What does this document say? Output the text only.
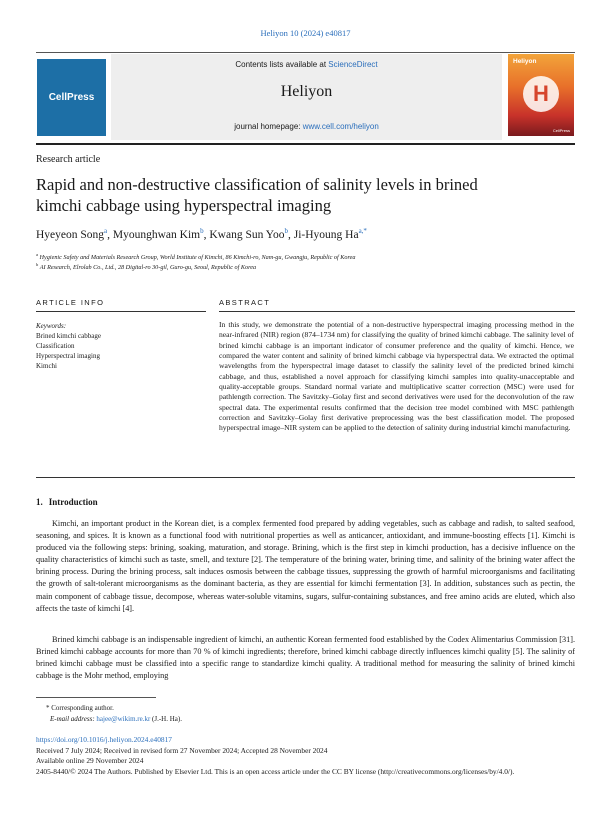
Heliyon 10 (2024) e40817
CellPress
Contents lists available at ScienceDirect
Heliyon
journal homepage: www.cell.com/heliyon
Heliyon
H
CellPress
Research article
Rapid and non-destructive classification of salinity levels in brined
kimchi cabbage using hyperspectral imaging
Hyeyeon Song$^a$, Myounghwan Kim$^b$, Kwang Sun Yoo$^b$, Ji-Hyoung $Ha^{a,*}$
$^a$ Hygienic Safety and Materials Research Group, World Institute of Kimchi, 86 Kimchi-ro, Nam-gu, Gwangju, Republic of Korea
$^b$ AI Research, Elrolab Co., Ltd., 28 Digital-ro 30-gil, Guro-gu, Seoul, Republic of Korea
ARTICLE INFO	ABSTRACT
Keywords:
Brined kimchi cabbage
Classification
Hyperspectral imaging
Kimchi
In this study, we demonstrate the potential of a non-destructive hyperspectral imaging processing method in the near-infrared (NIR) region (874–1734 nm) for classifying the quality of brined kimchi cabbage. The salinity level of brined kimchi cabbage is an important indicator of consumer preference and the quality of kimchi. Hence, we compared the water content and salinity of brined kimchi cabbage via hyperspectral data. We extracted the optimal wavelengths from the hyperspectral image dataset to classify the salinity level of the predicted brined kimchi cabbage, and thus, established a novel approach for classifying kimchi samples into quality-unacceptable and quality-acceptable groups. Standard normal variate and multiplicative scatter correction (MSC) were used for pathlength correction. The Savitzky–Golay first and second derivatives were used for the deconvolution of the raw spectral data. The experimental results confirmed that the decision tree model combined with MSC pathlength correction and Savitzky–Golay first derivative preprocessing was the best classification model. The proposed hyperspectral image–NIR system can be applied to the detection of salinity during industrial kimchi manufacturing.
1. Introduction

Kimchi, an important product in the Korean diet, is a complex fermented food prepared by adding vegetables, such as cabbage and radish, to salted seafood, seasoning, and spices. It is known as a functional food with nutritional properties as well as anticancer, antioxidant, and immune-boosting effects [1]. Kimchi is produced via the following steps: brining, soaking, maturation, and storage. Brining, which is the first step in kimchi production, has a decisive influence on the quality characteristics of kimchi such as taste, smell, and texture [2]. The temperature of the brining water, brining time, and salinity of the brining water affect the brining process. During the brining process, salt induces osmosis between the cabbage tissues, suppressing the growth of harmful microorganisms and facilitating the growth of salt-tolerant microorganisms as the dominant bacteria, as they are essential for kimchi fermentation [3]. In addition, substances such as pectin, the main component of cabbage tissue, decompose, whereas water-soluble vitamins, sugars, sulfur-containing substances, and free amino acids are eluted, which also affects the taste of kimchi [4].

Brined kimchi cabbage is an indispensable ingredient of kimchi, an authentic Korean fermented food established by the Codex Alimentarius Commission [31]. Brined kimchi cabbage accounts for more than 70 % of kimchi ingredients; therefore, brined kimchi cabbage directly influences kimchi quality [5]. The salinity of brined kimchi cabbage must be classified into a specific range to standardize kimchi quality. A traditional method for measuring the salinity of brined kimchi cabbage is the Mohr method, employing

* Corresponding author.
E-mail address: hajee@wikim.re.kr (J.-H. Ha).
https://doi.org/10.1016/j.heliyon.2024.e40817
Received 7 July 2024; Received in revised form 27 November 2024; Accepted 28 November 2024
Available online 29 November 2024
2405-8440/© 2024 The Authors. Published by Elsevier Ltd. This is an open access article under the CC BY license (http://creativecommons.org/licenses/by/4.0/).
